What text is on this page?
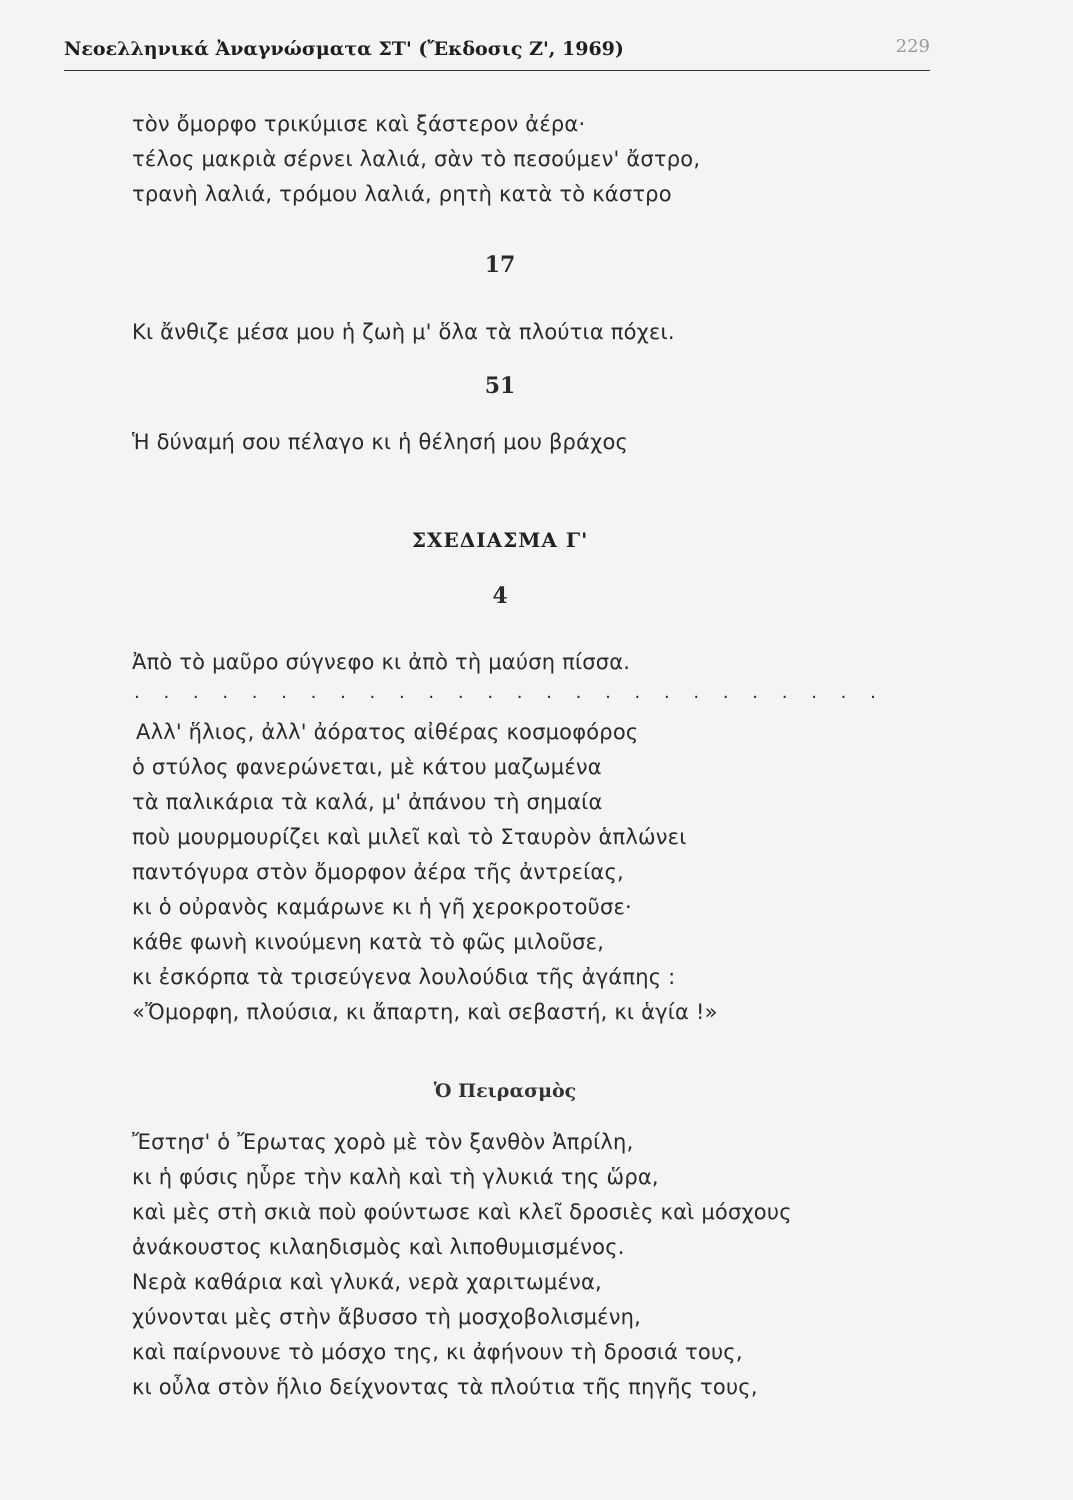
Νεοελληνικά Ἀναγνώσματα ΣΤ' (Ἔκδοσις Ζ', 1969)	229
τὸν ὄμορφο τρικύμισε καὶ ξάστερον ἀέρα·
τέλος μακριὰ σέρνει λαλιά, σὰν τὸ πεσούμεν' ἄστρο,
τρανὴ λαλιά, τρόμου λαλιά, ρητὴ κατὰ τὸ κάστρο
17
Κι ἄνθιζε μέσα μου ἡ ζωὴ μ' ὅλα τὰ πλούτια πόχει.
51
Ἡ δύναμή σου πέλαγο κι ἡ θέλησή μου βράχος
ΣΧΕΔΙΑΣΜΑ Γ'
4
Ἀπὸ τὸ μαῦρο σύγνεφο κι ἀπὸ τὴ μαύση πίσσα.
. . . . . . . . . . . . . . . . . . . . . . . . . .
Αλλ' ἥλιος, ἀλλ' ἀόρατος αἰθέρας κοσμοφόρος
ὁ στύλος φανερώνεται, μὲ κάτου μαζωμένα
τὰ παλικάρια τὰ καλά, μ' ἀπάνου τὴ σημαία
ποὺ μουρμουρίζει καὶ μιλεῖ καὶ τὸ Σταυρὸν ἁπλώνει
παντόγυρα στὸν ὄμορφον ἀέρα τῆς ἀντρείας,
κι ὁ οὐρανὸς καμάρωνε κι ἡ γῆ χεροκροτοῦσε·
κάθε φωνὴ κινούμενη κατὰ τὸ φῶς μιλοῦσε,
κι ἐσκόρπα τὰ τρισεύγενα λουλούδια τῆς ἀγάπης :
«Ὄμορφη, πλούσια, κι ἄπαρτη, καὶ σεβαστή, κι ἁγία !»
Ὁ Πειρασμὸς
Ἔστησ' ὁ Ἔρωτας χορὸ μὲ τὸν ξανθὸν Ἀπρίλη,
κι ἡ φύσις ηὗρε τὴν καλὴ καὶ τὴ γλυκιά της ὥρα,
καὶ μὲς στὴ σκιὰ ποὺ φούντωσε καὶ κλεῖ δροσιὲς καὶ μόσχους
ἀνάκουστος κιλαηδισμὸς καὶ λιποθυμισμένος.
Νερὰ καθάρια καὶ γλυκά, νερὰ χαριτωμένα,
χύνονται μὲς στὴν ἄβυσσο τὴ μοσχοβολισμένη,
καὶ παίρνουνε τὸ μόσχο της, κι ἀφήνουν τὴ δροσιά τους,
κι οὖλα στὸν ἥλιο δείχνοντας τὰ πλούτια τῆς πηγῆς τους,
